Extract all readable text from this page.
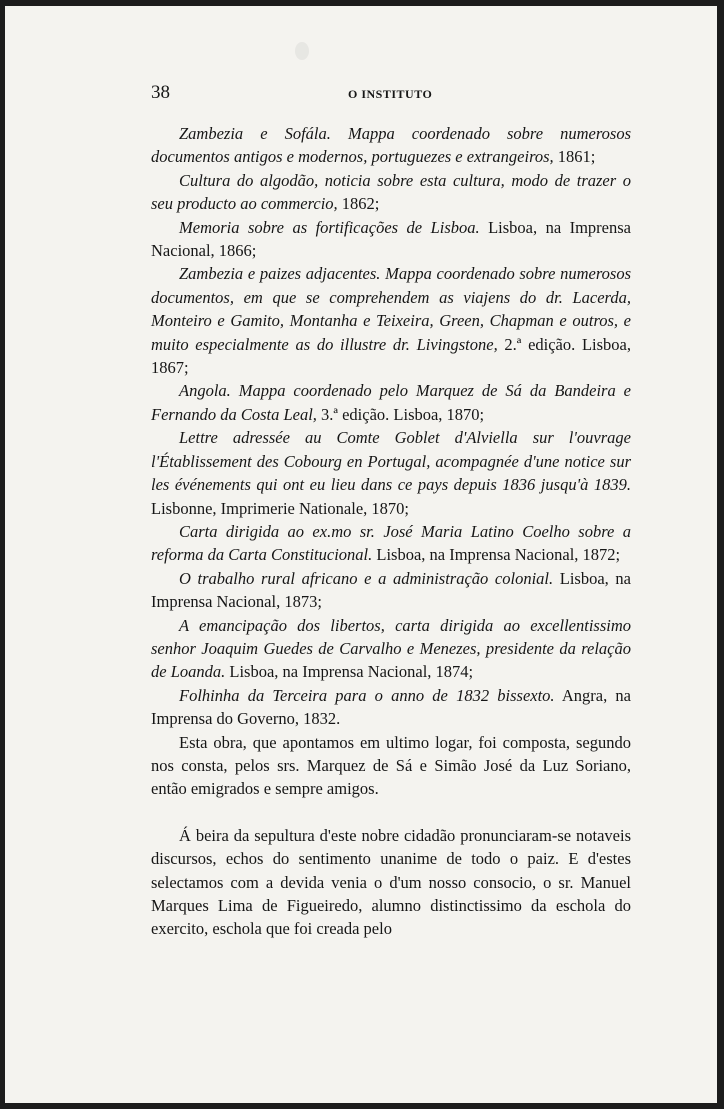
38	O INSTITUTO

Zambezia e Sofála. Mappa coordenado sobre numerosos documentos antigos e modernos, portuguezes e extrangeiros, 1861;

Cultura do algodão, noticia sobre esta cultura, modo de trazer o seu producto ao commercio, 1862;

Memoria sobre as fortificações de Lisboa. Lisboa, na Imprensa Nacional, 1866;

Zambezia e paizes adjacentes. Mappa coordenado sobre numerosos documentos, em que se comprehendem as viajens do dr. Lacerda, Monteiro e Gamito, Montanha e Teixeira, Green, Chapman e outros, e muito especialmente as do illustre dr. Livingstone, 2.ª edição. Lisboa, 1867;

Angola. Mappa coordenado pelo Marquez de Sá da Bandeira e Fernando da Costa Leal, 3.ª edição. Lisboa, 1870;

Lettre adressée au Comte Goblet d'Alviella sur l'ouvrage l'Établissement des Cobourg en Portugal, acompagnée d'une notice sur les événements qui ont eu lieu dans ce pays depuis 1836 jusqu'à 1839. Lisbonne, Imprimerie Nationale, 1870;

Carta dirigida ao ex.mo sr. José Maria Latino Coelho sobre a reforma da Carta Constitucional. Lisboa, na Imprensa Nacional, 1872;

O trabalho rural africano e a administração colonial. Lisboa, na Imprensa Nacional, 1873;

A emancipação dos libertos, carta dirigida ao excellentissimo senhor Joaquim Guedes de Carvalho e Menezes, presidente da relação de Loanda. Lisboa, na Imprensa Nacional, 1874;

Folhinha da Terceira para o anno de 1832 bissexto. Angra, na Imprensa do Governo, 1832.

Esta obra, que apontamos em ultimo logar, foi composta, segundo nos consta, pelos srs. Marquez de Sá e Simão José da Luz Soriano, então emigrados e sempre amigos.

Á beira da sepultura d'este nobre cidadão pronunciaram-se notaveis discursos, echos do sentimento unanime de todo o paiz. E d'estes selectamos com a devida venia o d'um nosso consocio, o sr. Manuel Marques Lima de Figueiredo, alumno distinctissimo da eschola do exercito, eschola que foi creada pelo
